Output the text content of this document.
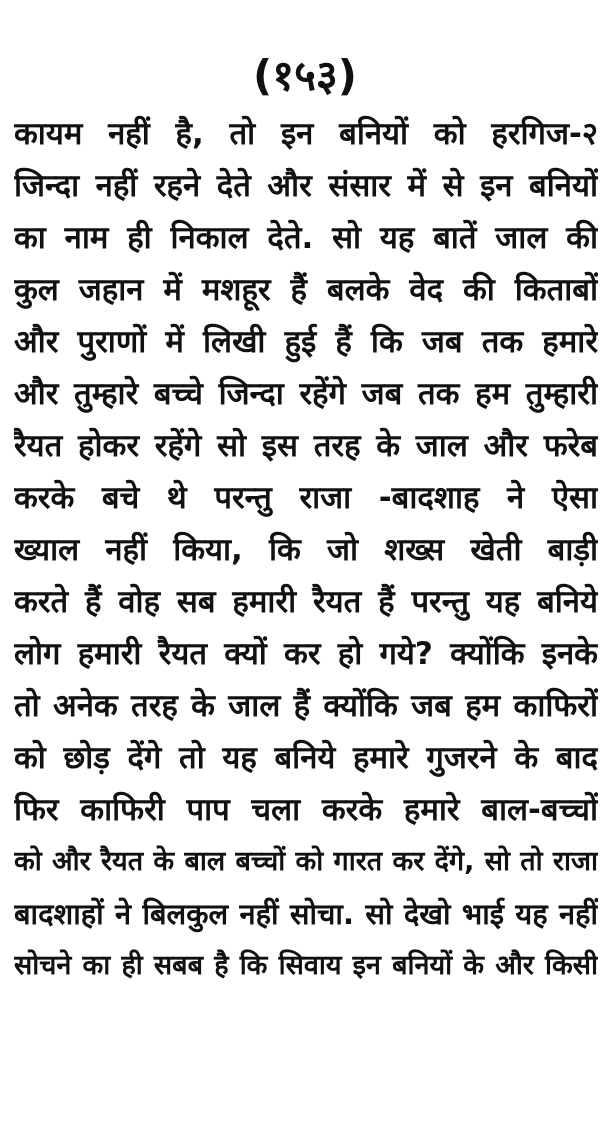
(१५३)
कायम नहीं है, तो इन बनियों को हरगिज-२
जिन्दा नहीं रहने देते और संसार में से इन बनियों
का नाम ही निकाल देते. सो यह बातें जाल की
कुल जहान में मशहूर हैं बलके वेद की किताबों
और पुराणों में लिखी हुई हैं कि जब तक हमारे
और तुम्हारे बच्चे जिन्दा रहेंगे जब तक हम तुम्हारी
रैयत होकर रहेंगे सो इस तरह के जाल और फरेब
करके बचे थे परन्तु राजा -बादशाह ने ऐसा
ख्याल नहीं किया, कि जो शख्स खेती बाड़ी
करते हैं वोह सब हमारी रैयत हैं परन्तु यह बनिये
लोग हमारी रैयत क्यों कर हो गये? क्योंकि इनके
तो अनेक तरह के जाल हैं क्योंकि जब हम काफिरों
को छोड़ देंगे तो यह बनिये हमारे गुजरने के बाद
फिर काफिरी पाप चला करके हमारे बाल-बच्चों
को और रैयत के बाल बच्चों को गारत कर देंगे, सो तो राजा
बादशाहों ने बिलकुल नहीं सोचा. सो देखो भाई यह नहीं
सोचने का ही सबब है कि सिवाय इन बनियों के और किसी
